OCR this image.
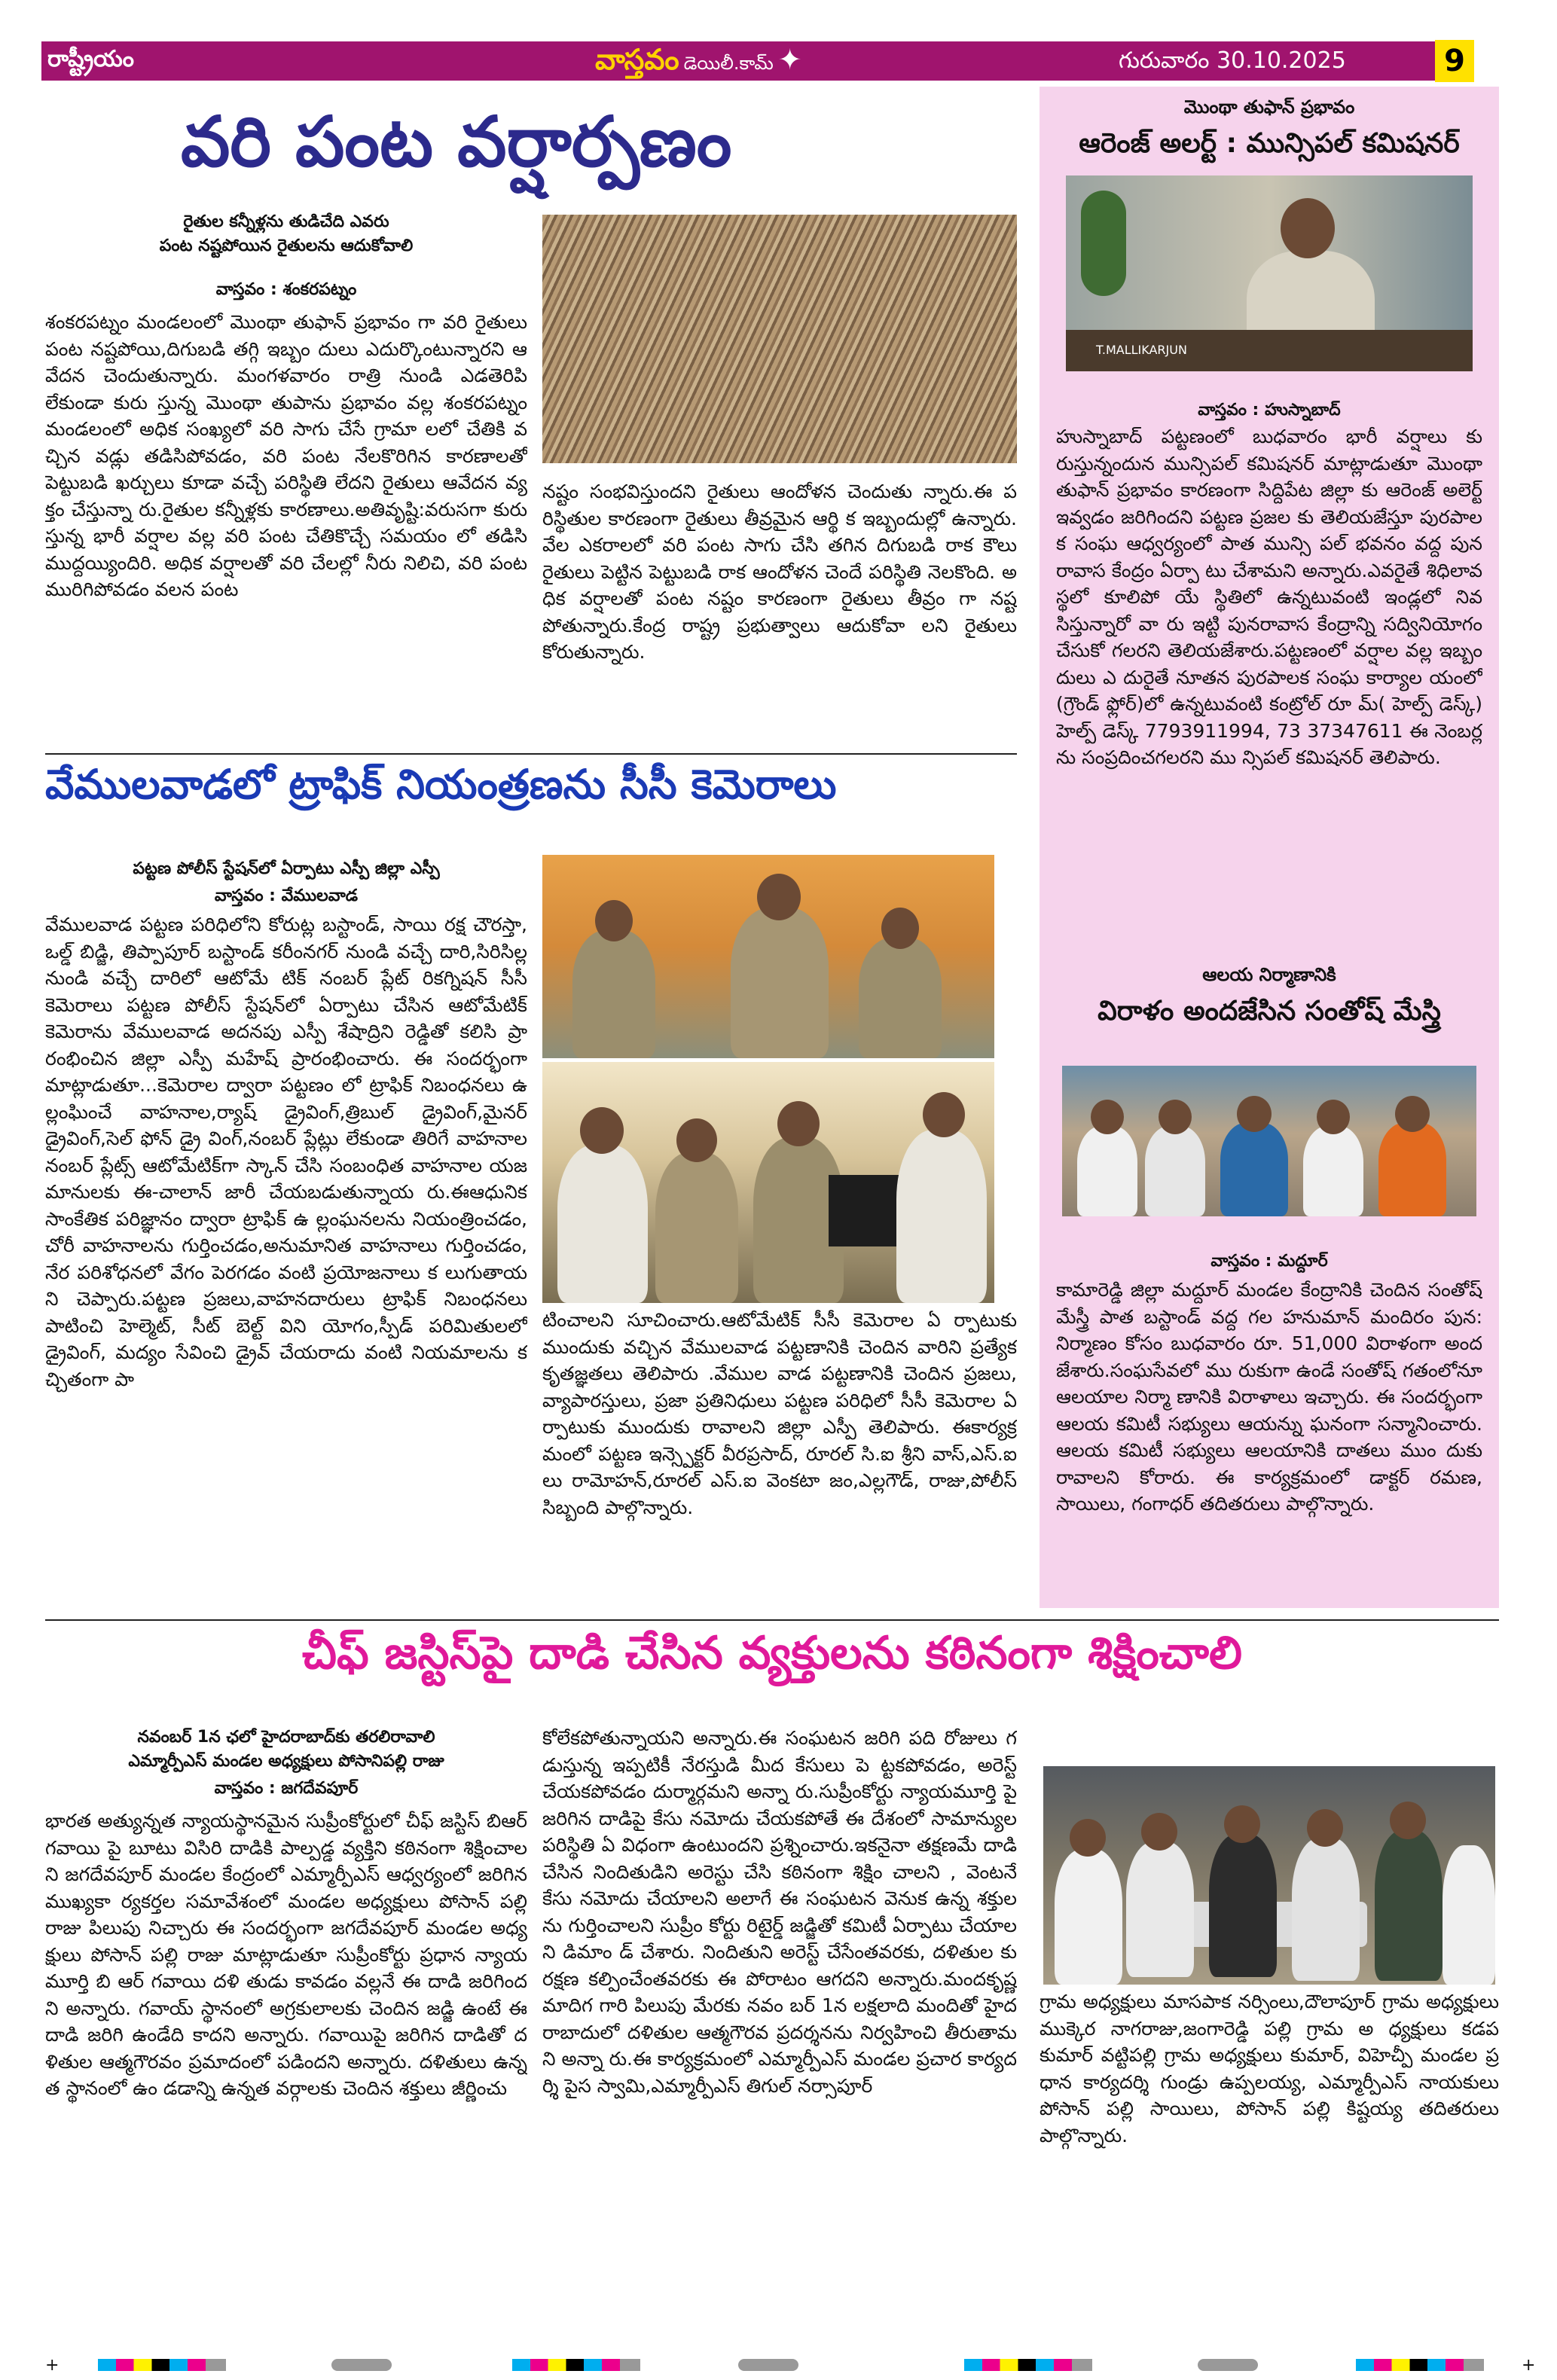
రాష్ట్రీయం	వాస్తవం డెయిలీ.కామ్ ✦	గురువారం 30.10.2025	9
వరి పంట వర్షార్పణం
రైతుల కన్నీళ్లను తుడిచేది ఎవరు
పంట నష్టపోయిన రైతులను ఆదుకోవాలి
వాస్తవం : శంకరపట్నం
శంకరపట్నం మండలంలో మొంథా తుఫాన్ ప్రభావం గా వరి రైతులు పంట నష్టపోయి,దిగుబడి తగ్గి ఇబ్బం దులు ఎదుర్కొంటున్నారని ఆవేదన చెందుతున్నారు. మంగళవారం రాత్రి నుండి ఎడతెరిపి లేకుండా కురు స్తున్న మొంథా తుపాను ప్రభావం వల్ల శంకరపట్నం మండలంలో అధిక సంఖ్యలో వరి సాగు చేసే గ్రామా లలో చేతికి వచ్చిన వడ్లు తడిసిపోవడం, వరి పంట నేలకొరిగిన కారణాలతో పెట్టుబడి ఖర్చులు కూడా వచ్చే పరిస్థితి లేదని రైతులు ఆవేదన వ్యక్తం చేస్తున్నా రు.రైతుల కన్నీళ్లకు కారణాలు.అతివృష్టి:వరుసగా కురు స్తున్న భారీ వర్షాల వల్ల వరి పంట చేతికొచ్చే సమయం లో తడిసి ముద్దయ్యిందిరి. అధిక వర్షాలతో వరి చేలల్లో నీరు నిలిచి, వరి పంట మురిగిపోవడం వలన పంట
నష్టం సంభవిస్తుందని రైతులు ఆందోళన చెందుతు న్నారు.ఈ పరిస్థితుల కారణంగా రైతులు తీవ్రమైన ఆర్థి క ఇబ్బందుల్లో ఉన్నారు. వేల ఎకరాలలో వరి పంట సాగు చేసి తగిన దిగుబడి రాక కౌలు రైతులు పెట్టిన పెట్టుబడి రాక ఆందోళన చెందే పరిస్థితి నెలకొంది. అధిక వర్షాలతో పంట నష్టం కారణంగా రైతులు తీవ్రం గా నష్టపోతున్నారు.కేంద్ర రాష్ట్ర ప్రభుత్వాలు ఆదుకోవా లని రైతులు కోరుతున్నారు.
వేములవాడలో ట్రాఫిక్ నియంత్రణను సీసీ కెమెరాలు
పట్టణ పోలీస్ స్టేషన్‌లో ఏర్పాటు ఎస్పీ జిల్లా ఎస్పీ
వాస్తవం : వేములవాడ
వేములవాడ పట్టణ పరిధిలోని కోరుట్ల బస్టాండ్, సాయి రక్ష చౌరస్తా,ఒల్డ్ బిడ్జి, తిప్పాపూర్ బస్టాండ్ కరీంనగర్ నుండి వచ్చే దారి,సిరిసిల్ల నుండి వచ్చే దారిలో ఆటోమే టిక్ నంబర్ ప్లేట్ రికగ్నిషన్ సీసీ కెమెరాలు పట్టణ పోలీస్ స్టేషన్‌లో ఏర్పాటు చేసిన ఆటోమేటిక్ కెమెరాను వేములవాడ అదనపు ఎస్పీ శేషాద్రిని రెడ్డితో కలిసి ప్రా రంభించిన జిల్లా ఎస్పీ మహేష్ ప్రారంభించారు. ఈ సందర్భంగా మాట్లాడుతూ...కెమెరాల ద్వారా పట్టణం లో ట్రాఫిక్ నిబంధనలు ఉల్లంఘించే వాహనాల,ర్యాష్ డ్రైవింగ్,త్రిబుల్ డ్రైవింగ్,మైనర్ డ్రైవింగ్,సెల్ ఫోన్ డ్రై వింగ్,నంబర్ ప్లేట్లు లేకుండా తిరిగే వాహనాల నంబర్ ప్లేట్స్ ఆటోమేటిక్‌గా స్కాన్ చేసి సంబంధిత వాహనాల యజమానులకు ఈ-చాలాన్ జారీ చేయబడుతున్నాయ రు.ఈఆధునిక సాంకేతిక పరిజ్ఞానం ద్వారా ట్రాఫిక్ ఉ ల్లంఘనలను నియంత్రించడం,చోరీ వాహనాలను గుర్తించడం,అనుమానిత వాహనాలు గుర్తించడం,నేర పరిశోధనలో వేగం పెరగడం వంటి ప్రయోజనాలు క లుగుతాయని చెప్పారు.పట్టణ ప్రజలు,వాహనదారులు ట్రాఫిక్ నిబంధనలు పాటించి హెల్మెట్, సీట్ బెల్ట్ విని యోగం,స్పీడ్ పరిమితులలో డ్రైవింగ్, మద్యం సేవించి డ్రైవ్ చేయరాదు వంటి నియమాలను కచ్చితంగా పా
టించాలని సూచించారు.ఆటోమేటిక్ సీసీ కెమెరాల ఏ ర్పాటుకు ముందుకు వచ్చిన వేములవాడ పట్టణానికి చెందిన వారిని ప్రత్యేక కృతజ్ఞతలు తెలిపారు .వేముల వాడ పట్టణానికి చెందిన ప్రజలు, వ్యాపారస్తులు, ప్రజా ప్రతినిధులు పట్టణ పరిధిలో సీసీ కెమెరాల ఏర్పాటుకు ముందుకు రావాలని జిల్లా ఎస్పీ తెలిపారు. ఈకార్యక్ర మంలో పట్టణ ఇన్స్పెక్టర్ వీరప్రసాద్, రూరల్ సి.ఐ శ్రీని వాస్,ఎస్.ఐలు రామోహన్,రూరల్ ఎస్.ఐ వెంకటా జం,ఎల్లగౌడ్, రాజు,పోలీస్ సిబ్బంది పాల్గొన్నారు.
మొంథా తుఫాన్ ప్రభావం
ఆరెంజ్ అలర్ట్ : మున్సిపల్ కమిషనర్
T.MALLIKARJUN
వాస్తవం : హుస్నాబాద్
హుస్నాబాద్ పట్టణంలో బుధవారం భారీ వర్షాలు కు రుస్తున్నందున మున్సిపల్ కమిషనర్ మాట్లాడుతూ మొంథా తుఫాన్ ప్రభావం కారణంగా సిద్దిపేట జిల్లా కు ఆరెంజ్ అలెర్ట్ ఇవ్వడం జరిగిందని పట్టణ ప్రజల కు తెలియజేస్తూ పురపాలక సంఘ ఆధ్వర్యంలో పాత మున్సి పల్ భవనం వద్ద పునరావాస కేంద్రం ఏర్పా టు చేశామని అన్నారు.ఎవరైతే శిధిలావస్థలో కూలిపో యే స్థితిలో ఉన్నటువంటి ఇండ్లలో నివసిస్తున్నారో వా రు ఇట్టి పునరావాస కేంద్రాన్ని సద్వినియోగం చేసుకో గలరని తెలియజేశారు.పట్టణంలో వర్షాల వల్ల ఇబ్బం దులు ఎ దురైతే నూతన పురపాలక సంఘ కార్యాల యంలో (గ్రౌండ్ ఫ్లోర్)లో ఉన్నటువంటి కంట్రోల్ రూ మ్( హెల్ప్ డెస్క్) హెల్ప్ డెస్క్ 7793911994, 73 37347611 ఈ నెంబర్లను సంప్రదించగలరని ము న్సిపల్ కమిషనర్ తెలిపారు.
ఆలయ నిర్మాణానికి
విరాళం అందజేసిన సంతోష్ మేస్త్రి
వాస్తవం : మద్దూర్
కామారెడ్డి జిల్లా మద్దూర్ మండల కేంద్రానికి చెందిన సంతోష్ మేస్త్రీ పాత బస్టాండ్ వద్ద గల హనుమాన్ మందిరం పున: నిర్మాణం కోసం బుధవారం రూ. 51,000 విరాళంగా అందజేశారు.సంఘసేవలో ము రుకుగా ఉండే సంతోష్ గతంలోనూ ఆలయాల నిర్మా ణానికి విరాళాలు ఇచ్చారు. ఈ సందర్భంగా ఆలయ కమిటీ సభ్యులు ఆయన్ను ఘనంగా సన్మానించారు. ఆలయ కమిటీ సభ్యులు ఆలయానికి దాతలు ముం దుకు రావాలని కోరారు. ఈ కార్యక్రమంలో డాక్టర్ రమణ, సాయిలు, గంగాధర్ తదితరులు పాల్గొన్నారు.
చీఫ్ జస్టిస్‌పై దాడి చేసిన వ్యక్తులను కఠినంగా శిక్షించాలి
నవంబర్ 1న ఛలో హైదరాబాద్‌కు తరలిరావాలి
ఎమ్మార్పీఎస్ మండల అధ్యక్షులు పోసానిపల్లి రాజు
వాస్తవం : జగదేవపూర్
భారత అత్యున్నత న్యాయస్థానమైన సుప్రీంకోర్టులో చీఫ్ జస్టిస్ బిఆర్ గవాయి పై బూటు విసిరి దాడికి పాల్పడ్డ వ్యక్తిని కఠినంగా శిక్షించాలని జగదేవపూర్ మండల కేంద్రంలో ఎమ్మార్పీఎస్ ఆధ్వర్యంలో జరిగిన ముఖ్యకా ర్యకర్తల సమావేశంలో మండల అధ్యక్షులు పోసాన్ పల్లి రాజు పిలుపు నిచ్చారు ఈ సందర్భంగా జగదేవపూర్ మండల అధ్యక్షులు పోసాన్ పల్లి రాజు మాట్లాడుతూ సుప్రీంకోర్టు ప్రధాన న్యాయమూర్తి బి ఆర్ గవాయి దళి తుడు కావడం వల్లనే ఈ దాడి జరిగిందని అన్నారు. గవాయ్ స్థానంలో అగ్రకులాలకు చెందిన జడ్జి ఉంటే ఈ దాడి జరిగి ఉండేది కాదని అన్నారు. గవాయిపై జరిగిన దాడితో దళితుల ఆత్మగౌరవం ప్రమాదంలో పడిందని అన్నారు. దళితులు ఉన్నత స్థానంలో ఉం డడాన్ని ఉన్నత వర్గాలకు చెందిన శక్తులు జీర్ణించు
కోలేకపోతున్నాయని అన్నారు.ఈ సంఘటన జరిగి పది రోజులు గడుస్తున్న ఇప్పటికీ నేరస్తుడి మీద కేసులు పె ట్టకపోవడం, అరెస్ట్ చేయకపోవడం దుర్మార్గమని అన్నా రు.సుప్రీంకోర్టు న్యాయమూర్తి పై జరిగిన దాడిపై కేసు నమోదు చేయకపోతే ఈ దేశంలో సామాన్యుల పరిస్థితి ఏ విధంగా ఉంటుందని ప్రశ్నించారు.ఇకనైనా తక్షణమే దాడి చేసిన నిందితుడిని అరెస్టు చేసి కఠినంగా శిక్షిం చాలని , వెంటనే కేసు నమోదు చేయాలని అలాగే ఈ సంఘటన వెనుక ఉన్న శక్తులను గుర్తించాలని సుప్రీం కోర్టు రిటైర్డ్ జడ్జితో కమిటీ ఏర్పాటు చేయాలని డిమాం డ్ చేశారు. నిందితుని అరెస్ట్ చేసేంతవరకు, దళితుల కు రక్షణ కల్పించేంతవరకు ఈ పోరాటం ఆగదని అన్నారు.మందకృష్ణ మాదిగ గారి పిలుపు మేరకు నవం బర్ 1న లక్షలాది మందితో హైదరాబాదులో దళితుల ఆత్మగౌరవ ప్రదర్శనను నిర్వహించి తీరుతామని అన్నా రు.ఈ కార్యక్రమంలో ఎమ్మార్పీఎస్ మండల ప్రచార కార్యదర్శి పైస స్వామి,ఎమ్మార్పీఎస్ తిగుల్ నర్సాపూర్
గ్రామ అధ్యక్షులు మాసపాక నర్సింలు,దౌలాపూర్ గ్రామ అధ్యక్షులు ముక్కెర నాగరాజు,జంగారెడ్డి పల్లి గ్రామ అ ధ్యక్షులు కడప కుమార్ వట్టిపల్లి గ్రామ అధ్యక్షులు కుమార్, విహెచ్పీ మండల ప్రధాన కార్యదర్శి గుండ్రు ఉప్పలయ్య, ఎమ్మార్పీఎస్ నాయకులు పోసాన్ పల్లి సాయిలు, పోసాన్ పల్లి కిష్టయ్య తదితరులు పాల్గొన్నారు.
+	+
